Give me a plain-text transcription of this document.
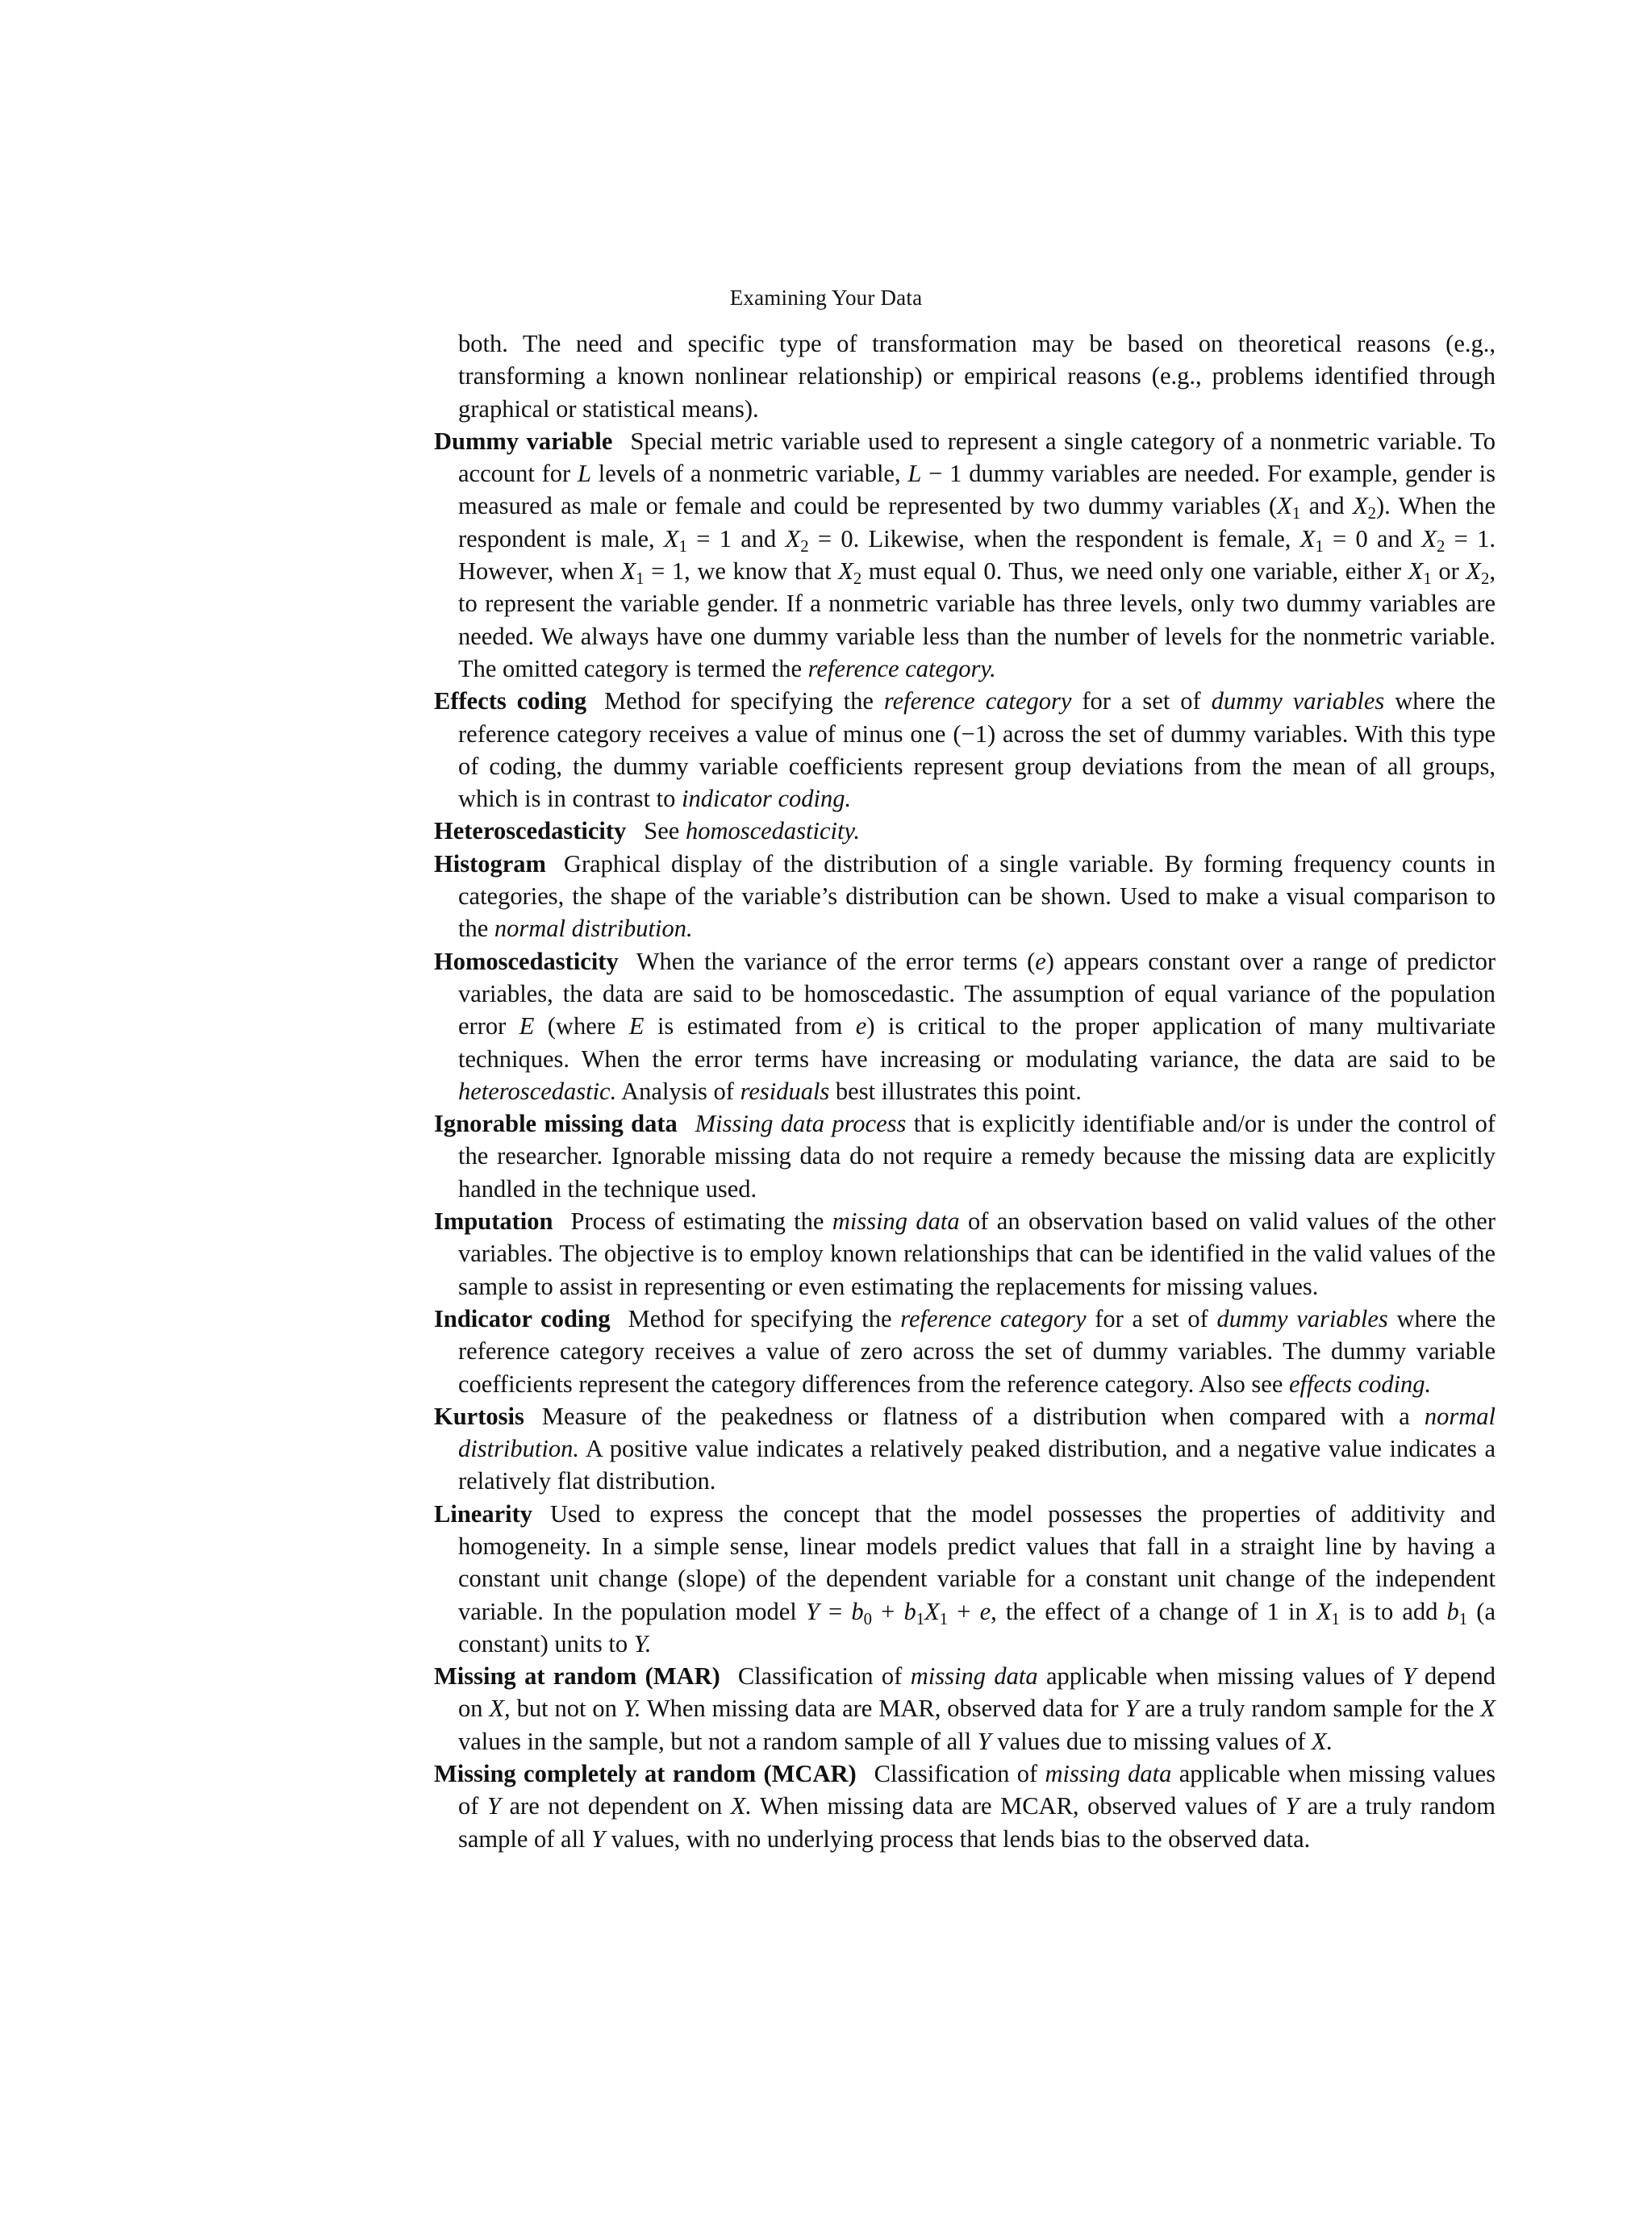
Examining Your Data

both. The need and specific type of transformation may be based on theoretical reasons (e.g., transforming a known nonlinear relationship) or empirical reasons (e.g., problems identified through graphical or statistical means).

Dummy variable Special metric variable used to represent a single category of a nonmetric variable. To account for L levels of a nonmetric variable, L − 1 dummy variables are needed. For example, gender is measured as male or female and could be represented by two dummy variables ($X_1$ and $X_2$). When the respondent is male, $X_1 = 1$ and $X_2 = 0$. Likewise, when the respondent is female, $X_1 = 0$ and $X_2 = 1$. However, when $X_1 = 1$, we know that $X_2$ must equal 0. Thus, we need only one variable, either $X_1$ or $X_2$, to represent the variable gender. If a nonmetric variable has three levels, only two dummy variables are needed. We always have one dummy variable less than the number of levels for the nonmetric variable. The omitted category is termed the reference category.

Effects coding Method for specifying the reference category for a set of dummy variables where the reference category receives a value of minus one (−1) across the set of dummy variables. With this type of coding, the dummy variable coefficients represent group deviations from the mean of all groups, which is in contrast to indicator coding.

Heteroscedasticity See homoscedasticity.

Histogram Graphical display of the distribution of a single variable. By forming frequency counts in categories, the shape of the variable’s distribution can be shown. Used to make a visual comparison to the normal distribution.

Homoscedasticity When the variance of the error terms (e) appears constant over a range of predictor variables, the data are said to be homoscedastic. The assumption of equal variance of the population error E (where E is estimated from e) is critical to the proper application of many multivariate techniques. When the error terms have increasing or modulating variance, the data are said to be heteroscedastic. Analysis of residuals best illustrates this point.

Ignorable missing data Missing data process that is explicitly identifiable and/or is under the control of the researcher. Ignorable missing data do not require a remedy because the missing data are explicitly handled in the technique used.

Imputation Process of estimating the missing data of an observation based on valid values of the other variables. The objective is to employ known relationships that can be identified in the valid values of the sample to assist in representing or even estimating the replacements for missing values.

Indicator coding Method for specifying the reference category for a set of dummy variables where the reference category receives a value of zero across the set of dummy variables. The dummy variable coefficients represent the category differences from the reference category. Also see effects coding.

Kurtosis Measure of the peakedness or flatness of a distribution when compared with a normal distribution. A positive value indicates a relatively peaked distribution, and a negative value indicates a relatively flat distribution.

Linearity Used to express the concept that the model possesses the properties of additivity and homogeneity. In a simple sense, linear models predict values that fall in a straight line by having a constant unit change (slope) of the dependent variable for a constant unit change of the independent variable. In the population model $Y = b_0 + b_1X_1 + e$, the effect of a change of 1 in $X_1$ is to add $b_1$ (a constant) units to Y.

Missing at random (MAR) Classification of missing data applicable when missing values of Y depend on X, but not on Y. When missing data are MAR, observed data for Y are a truly random sample for the X values in the sample, but not a random sample of all Y values due to missing values of X.

Missing completely at random (MCAR) Classification of missing data applicable when missing values of Y are not dependent on X. When missing data are MCAR, observed values of Y are a truly random sample of all Y values, with no underlying process that lends bias to the observed data.
